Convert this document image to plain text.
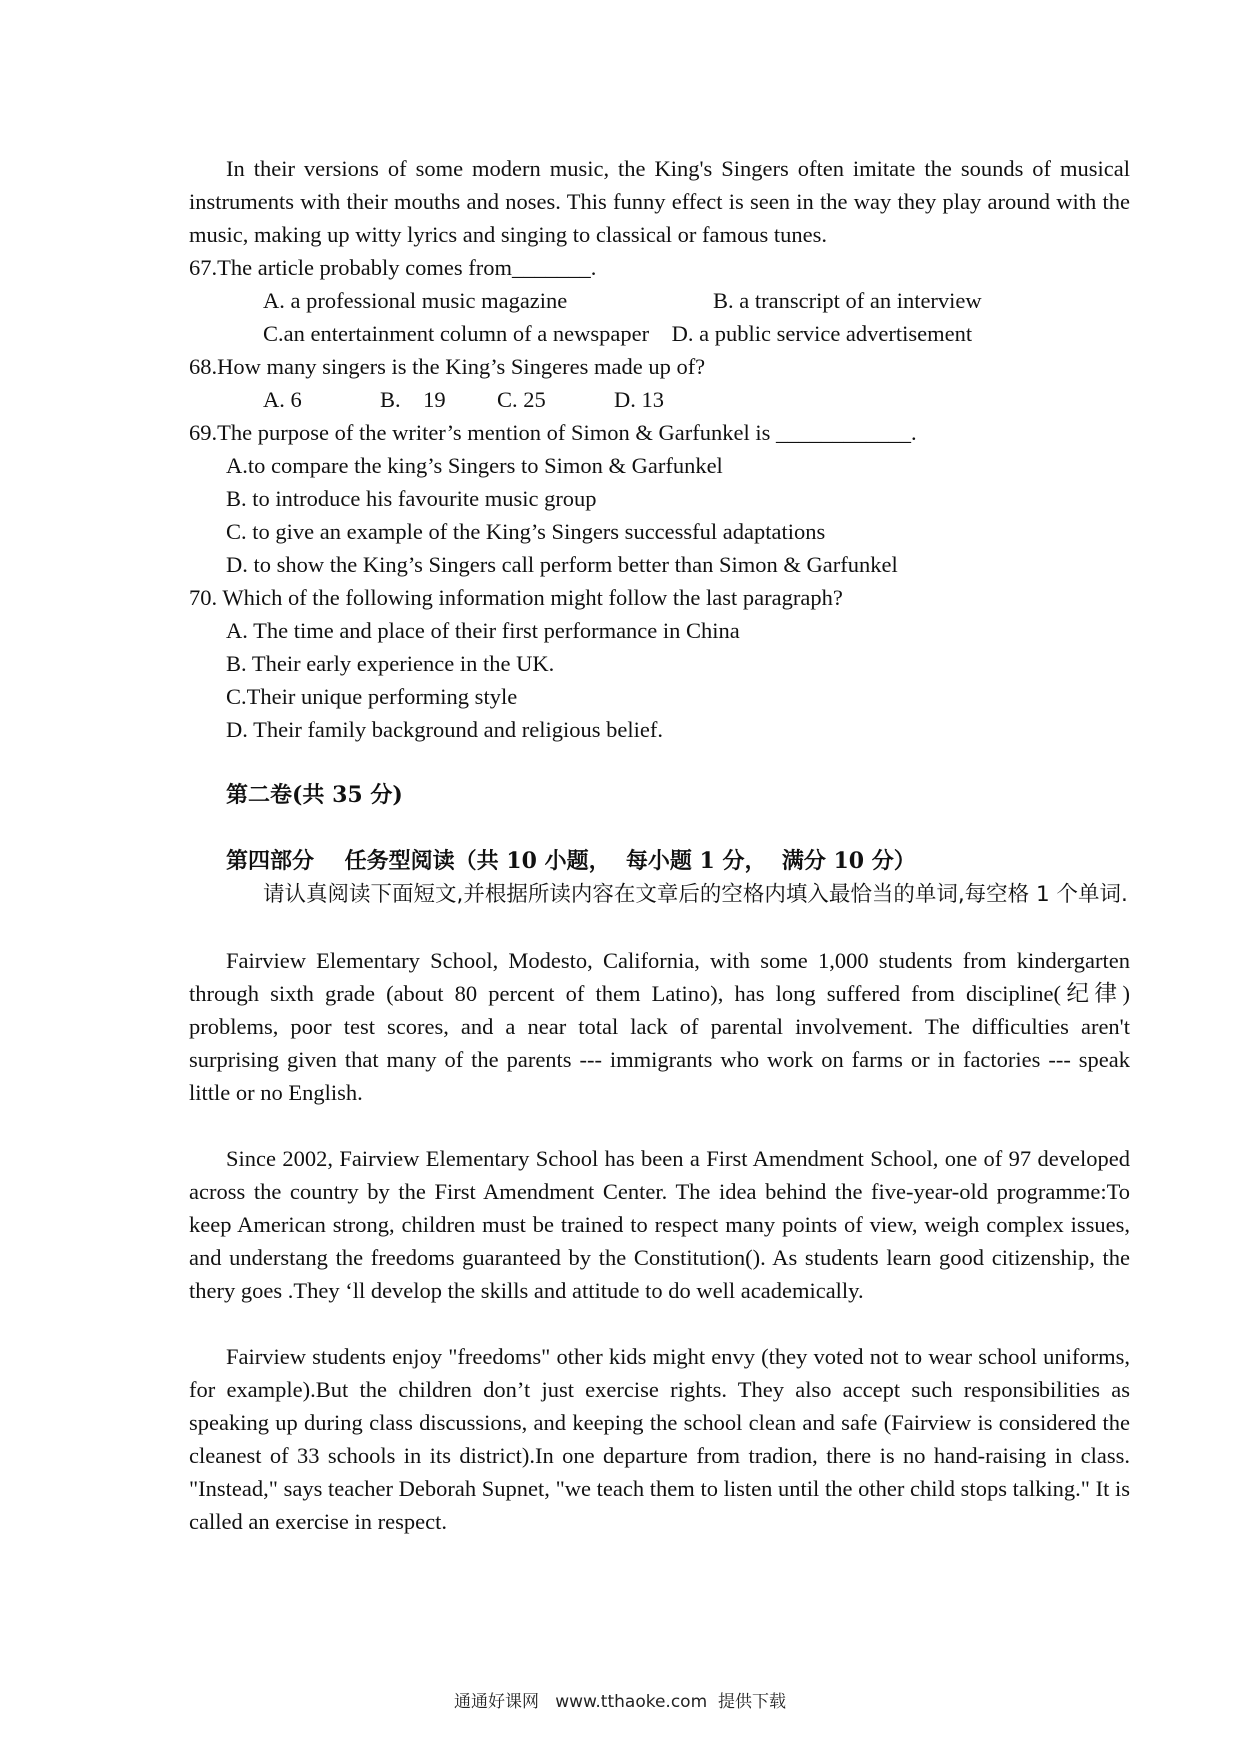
In their versions of some modern music, the King's Singers often imitate the sounds of musical instruments with their mouths and noses. This funny effect is seen in the way they play around with the music, making up witty lyrics and singing to classical or famous tunes.

67.The article probably comes from_______.

A. a professional music magazine	B. a transcript of an interview
C.an entertainment column of a newspaper D. a public service advertisement

68.How many singers is the King’s Singeres made up of?

A. 6	B.    19 C. 25	D. 13

69.The purpose of the writer’s mention of Simon & Garfunkel is ____________.

A.to compare the king’s Singers to Simon & Garfunkel

B. to introduce his favourite music group

C. to give an example of the King’s Singers successful adaptations

D. to show the King’s Singers call perform better than Simon & Garfunkel

70. Which of the following information might follow the last paragraph?

A. The time and place of their first performance in China

B. Their early experience in the UK.

C.Their unique performing style

D. Their family background and religious belief.

第二卷(共 35 分)

第四部分    任务型阅读（共 10 小题，  每小题 1 分，  满分 10 分）

请认真阅读下面短文,并根据所读内容在文章后的空格内填入最恰当的单词,每空格 1 个单词.

Fairview Elementary School, Modesto, California, with some 1,000 students from kindergarten through sixth grade (about 80 percent of them Latino), has long suffered from discipline(纪律) problems, poor test scores, and a near total lack of parental involvement. The difficulties aren't surprising given that many of the parents --- immigrants who work on farms or in factories --- speak little or no English.

Since 2002, Fairview Elementary School has been a First Amendment School, one of 97 developed across the country by the First Amendment Center. The idea behind the five-year-old programme:To keep American strong, children must be trained to respect many points of view, weigh complex issues, and understang the freedoms guaranteed by the Constitution(). As students learn good citizenship, the thery goes .They ‘ll develop the skills and attitude to do well academically.

Fairview students enjoy "freedoms" other kids might envy (they voted not to wear school uniforms, for example).But the children don’t just exercise rights. They also accept such responsibilities as speaking up during class discussions, and keeping the school clean and safe (Fairview is considered the cleanest of 33 schools in its district).In one departure from tradion, there is no hand-raising in class. "Instead," says teacher Deborah Supnet, "we teach them to listen until the other child stops talking." It is called an exercise in respect.

通通好课网   www.tthaoke.com  提供下载
